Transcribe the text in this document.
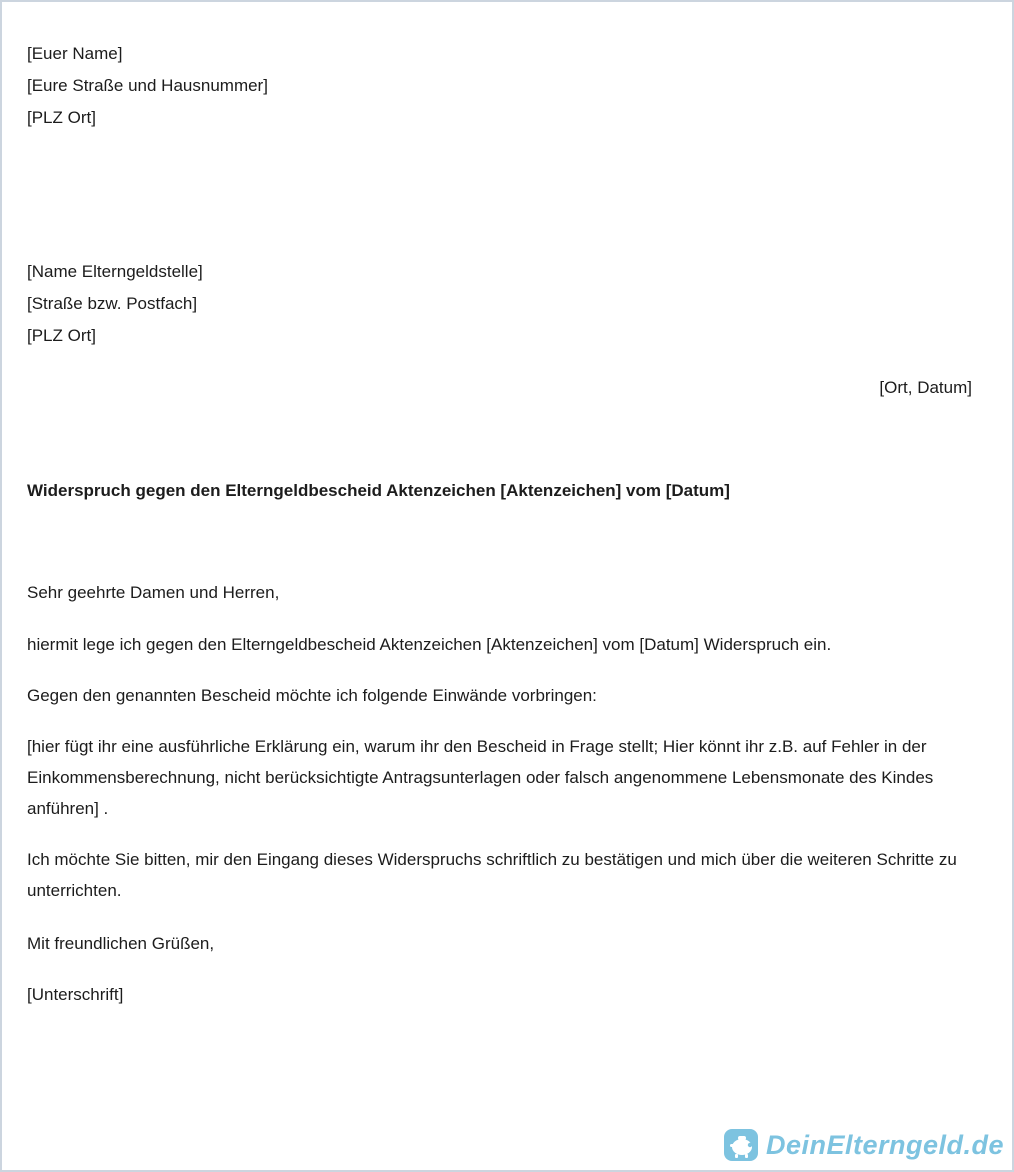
[Euer Name]
[Eure Straße und Hausnummer]
[PLZ Ort]
[Name Elterngeldstelle]
[Straße bzw. Postfach]
[PLZ Ort]
[Ort, Datum]
Widerspruch gegen den Elterngeldbescheid Aktenzeichen [Aktenzeichen] vom [Datum]
Sehr geehrte Damen und Herren,

hiermit lege ich gegen den Elterngeldbescheid Aktenzeichen [Aktenzeichen] vom [Datum] Widerspruch ein.

Gegen den genannten Bescheid möchte ich folgende Einwände vorbringen:

[hier fügt ihr eine ausführliche Erklärung ein, warum ihr den Bescheid in Frage stellt; Hier könnt ihr z.B. auf Fehler in der Einkommensberechnung, nicht berücksichtigte Antragsunterlagen oder falsch angenommene Lebensmonate des Kindes anführen] .

Ich möchte Sie bitten, mir den Eingang dieses Widerspruchs schriftlich zu bestätigen und mich über die weiteren Schritte zu unterrichten.

Mit freundlichen Grüßen,
[Unterschrift]
DeinElterngeld.de
